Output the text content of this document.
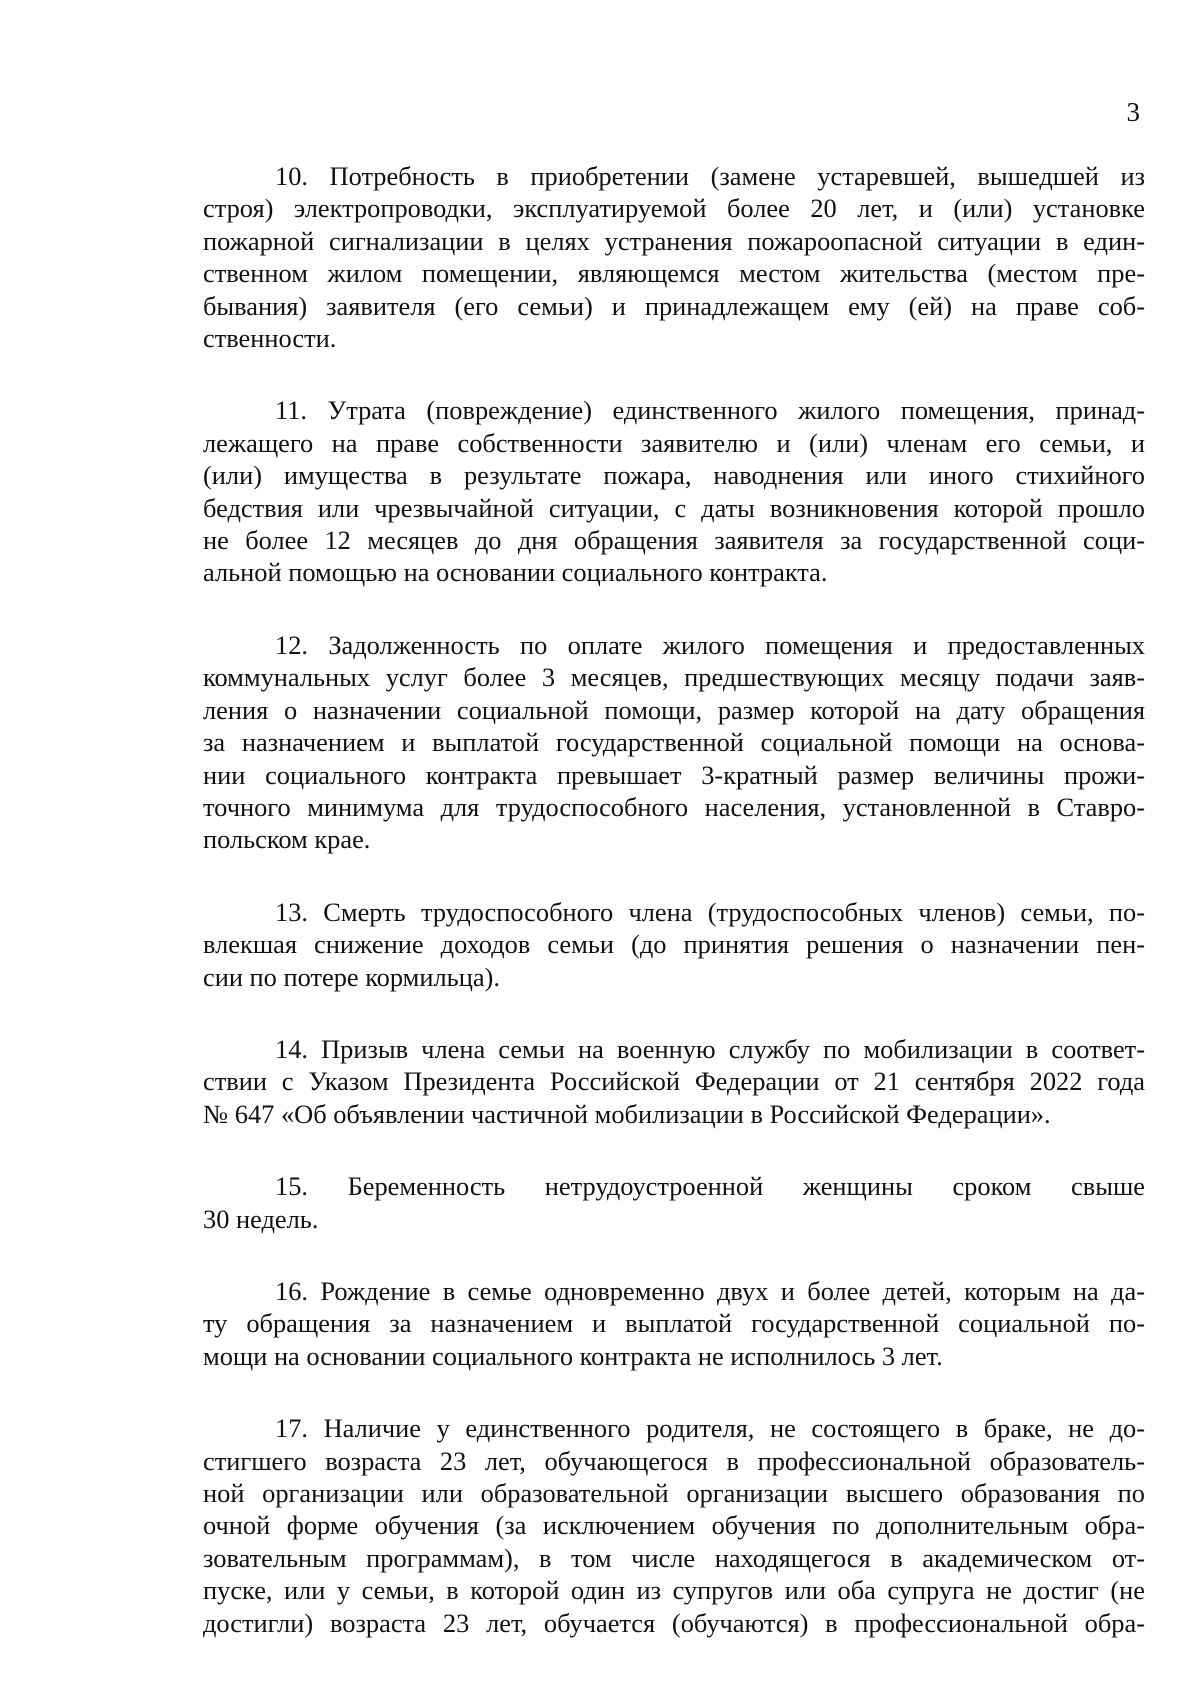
3

10. Потребность в приобретении (замене устаревшей, вышедшей из
строя) электропроводки, эксплуатируемой более 20 лет, и (или) установке
пожарной сигнализации в целях устранения пожароопасной ситуации в един-
ственном жилом помещении, являющемся местом жительства (местом пре-
бывания) заявителя (его семьи) и принадлежащем ему (ей) на праве соб-
ственности.

11. Утрата (повреждение) единственного жилого помещения, принад-
лежащего на праве собственности заявителю и (или) членам его семьи, и
(или) имущества в результате пожара, наводнения или иного стихийного
бедствия или чрезвычайной ситуации, с даты возникновения которой прошло
не более 12 месяцев до дня обращения заявителя за государственной соци-
альной помощью на основании социального контракта.

12. Задолженность по оплате жилого помещения и предоставленных
коммунальных услуг более 3 месяцев, предшествующих месяцу подачи заяв-
ления о назначении социальной помощи, размер которой на дату обращения
за назначением и выплатой государственной социальной помощи на основа-
нии социального контракта превышает 3-кратный размер величины прожи-
точного минимума для трудоспособного населения, установленной в Ставро-
польском крае.

13. Смерть трудоспособного члена (трудоспособных членов) семьи, по-
влекшая снижение доходов семьи (до принятия решения о назначении пен-
сии по потере кормильца).

14. Призыв члена семьи на военную службу по мобилизации в соответ-
ствии с Указом Президента Российской Федерации от 21 сентября 2022 года
№ 647 «Об объявлении частичной мобилизации в Российской Федерации».

15. Беременность нетрудоустроенной женщины сроком свыше
30 недель.

16. Рождение в семье одновременно двух и более детей, которым на да-
ту обращения за назначением и выплатой государственной социальной по-
мощи на основании социального контракта не исполнилось 3 лет.

17. Наличие у единственного родителя, не состоящего в браке, не до-
стигшего возраста 23 лет, обучающегося в профессиональной образователь-
ной организации или образовательной организации высшего образования по
очной форме обучения (за исключением обучения по дополнительным обра-
зовательным программам), в том числе находящегося в академическом от-
пуске, или у семьи, в которой один из супругов или оба супруга не достиг (не
достигли) возраста 23 лет, обучается (обучаются) в профессиональной обра-
